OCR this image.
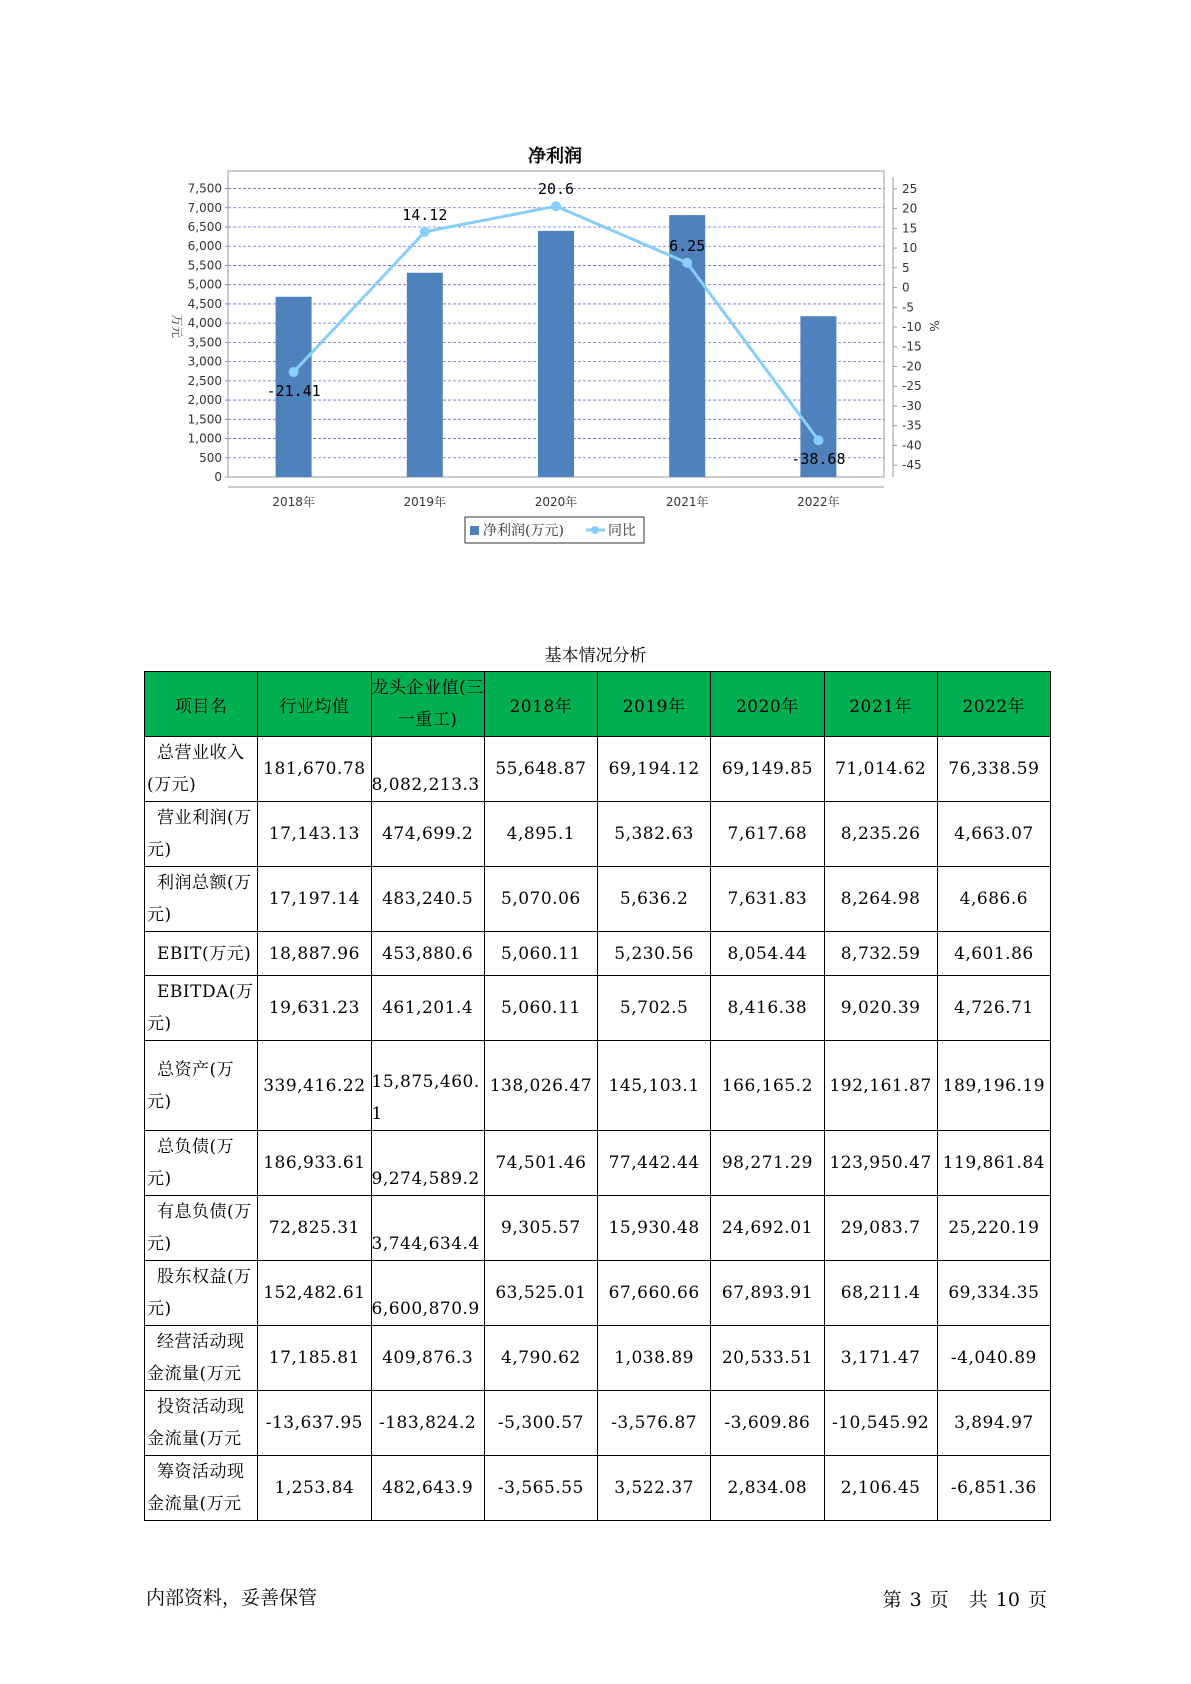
净利润
-21.41
14.12
20.6
6.25
-38.68
0
500
1,000
1,500
2,000
2,500
3,000
3,500
4,000
4,500
5,000
5,500
6,000
6,500
7,000
7,500	25
20
15
10
5
0
-5
-10
-15
-20
-25
-30
-35
-40
-45
2018年	2019年	2020年	2021年	2022年
万元	%
净利润(万元)	同比
基本情况分析
项目名	行业均值	龙头企业值(三一重工)	2018年	2019年	2020年	2021年	2022年

总营业收入(万元)	181,670.78	8,082,213.3	55,648.87	69,194.12	69,149.85	71,014.62	76,338.59

营业利润(万元)	17,143.13	474,699.2	4,895.1	5,382.63	7,617.68	8,235.26	4,663.07

利润总额(万元)	17,197.14	483,240.5	5,070.06	5,636.2	7,631.83	8,264.98	4,686.6

EBIT(万元)	18,887.96	453,880.6	5,060.11	5,230.56	8,054.44	8,732.59	4,601.86

EBITDA(万元)	19,631.23	461,201.4	5,060.11	5,702.5	8,416.38	9,020.39	4,726.71

总资产(万元)	339,416.22	15,875,460.1	138,026.47	145,103.1	166,165.2	192,161.87	189,196.19

总负债(万元)	186,933.61	9,274,589.2	74,501.46	77,442.44	98,271.29	123,950.47	119,861.84

有息负债(万元)	72,825.31	3,744,634.4	9,305.57	15,930.48	24,692.01	29,083.7	25,220.19

股东权益(万元)	152,482.61	6,600,870.9	63,525.01	67,660.66	67,893.91	68,211.4	69,334.35

经营活动现金流量(万元	17,185.81	409,876.3	4,790.62	1,038.89	20,533.51	3,171.47	-4,040.89

投资活动现金流量(万元	-13,637.95	-183,824.2	-5,300.57	-3,576.87	-3,609.86	-10,545.92	3,894.97

筹资活动现金流量(万元	1,253.84	482,643.9	-3,565.55	3,522.37	2,834.08	2,106.45	-6,851.36
内部资料，妥善保管	第 3 页 共 10 页
